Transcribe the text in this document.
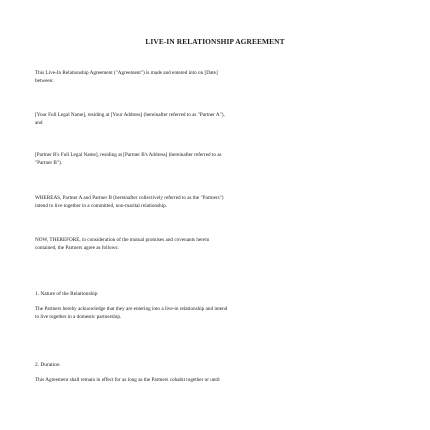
LIVE-IN RELATIONSHIP AGREEMENT
This Live-In Relationship Agreement ("Agreement") is made and entered into on [Date]
between:
[Your Full Legal Name], residing at [Your Address] (hereinafter referred to as "Partner A"),
and
[Partner B's Full Legal Name], residing at [Partner B's Address] (hereinafter referred to as
"Partner B").
WHEREAS, Partner A and Partner B (hereinafter collectively referred to as the "Partners")
intend to live together in a committed, non-marital relationship.
NOW, THEREFORE, in consideration of the mutual promises and covenants herein
contained, the Partners agree as follows:
1. Nature of the Relationship
The Partners hereby acknowledge that they are entering into a live-in relationship and intend
to live together in a domestic partnership.
2. Duration
This Agreement shall remain in effect for as long as the Partners cohabit together or until
